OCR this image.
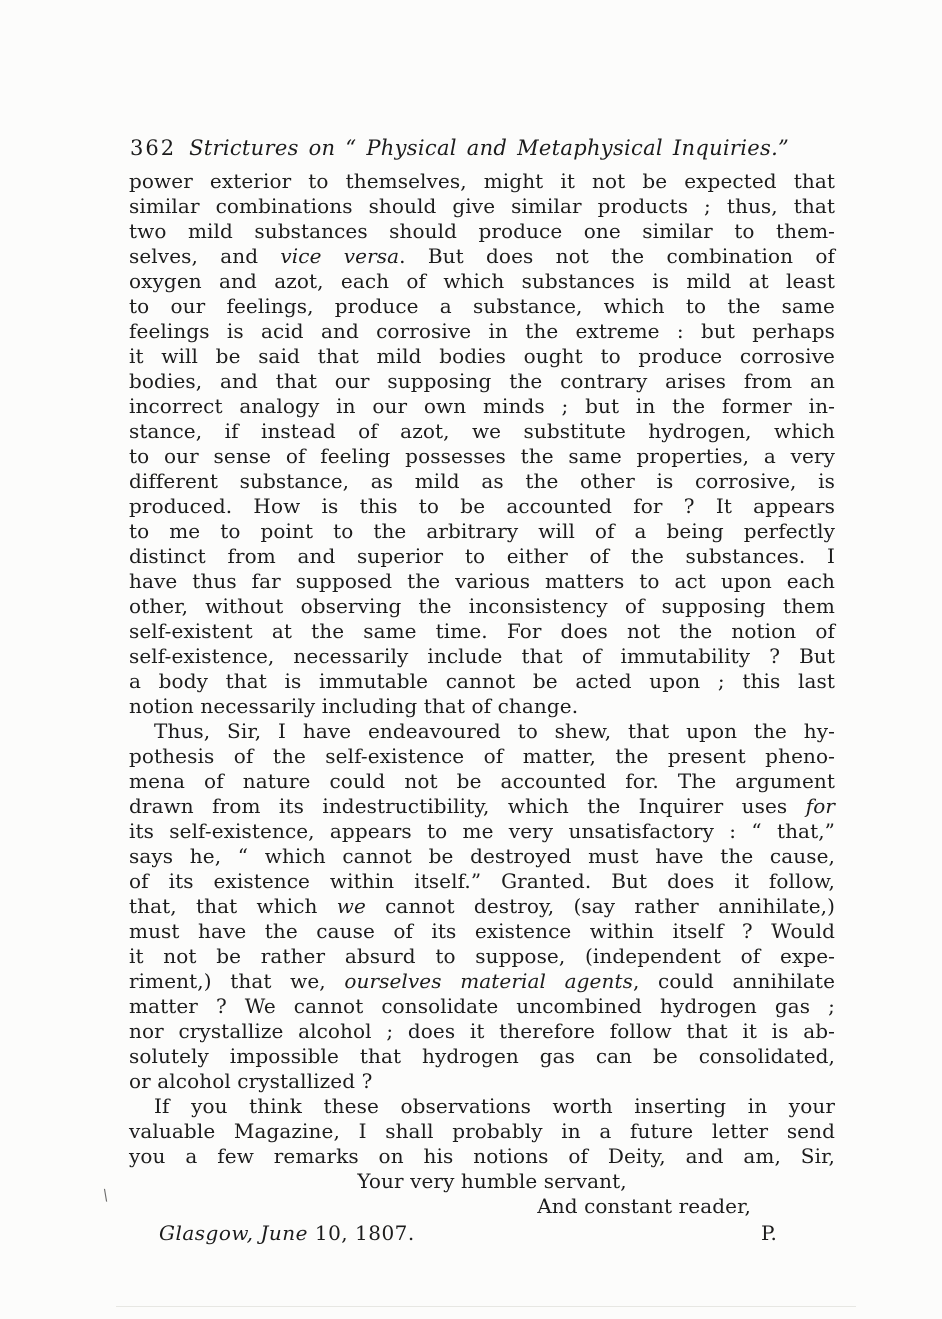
362 Strictures on “ Physical and Metaphysical Inquiries.”
power exterior to themselves, might it not be expected that
similar combinations should give similar products ; thus, that
two mild substances should produce one similar to them-
selves, and vice versa. But does not the combination of
oxygen and azot, each of which substances is mild at least
to our feelings, produce a substance, which to the same
feelings is acid and corrosive in the extreme : but perhaps
it will be said that mild bodies ought to produce corrosive
bodies, and that our supposing the contrary arises from an
incorrect analogy in our own minds ; but in the former in-
stance, if instead of azot, we substitute hydrogen, which
to our sense of feeling possesses the same properties, a very
different substance, as mild as the other is corrosive, is
produced. How is this to be accounted for ? It appears
to me to point to the arbitrary will of a being perfectly
distinct from and superior to either of the substances. I
have thus far supposed the various matters to act upon each
other, without observing the inconsistency of supposing them
self-existent at the same time. For does not the notion of
self-existence, necessarily include that of immutability ? But
a body that is immutable cannot be acted upon ; this last
notion necessarily including that of change.
Thus, Sir, I have endeavoured to shew, that upon the hy-
pothesis of the self-existence of matter, the present pheno-
mena of nature could not be accounted for. The argument
drawn from its indestructibility, which the Inquirer uses for
its self-existence, appears to me very unsatisfactory : “ that,”
says he, “ which cannot be destroyed must have the cause,
of its existence within itself.” Granted. But does it follow,
that, that which we cannot destroy, (say rather annihilate,)
must have the cause of its existence within itself ? Would
it not be rather absurd to suppose, (independent of expe-
riment,) that we, ourselves material agents, could annihilate
matter ? We cannot consolidate uncombined hydrogen gas ;
nor crystallize alcohol ; does it therefore follow that it is ab-
solutely impossible that hydrogen gas can be consolidated,
or alcohol crystallized ?
If you think these observations worth inserting in your
valuable Magazine, I shall probably in a future letter send
you a few remarks on his notions of Deity, and am, Sir,
Your very humble servant,
And constant reader,
Glasgow, June 10, 1807.	P.
\
